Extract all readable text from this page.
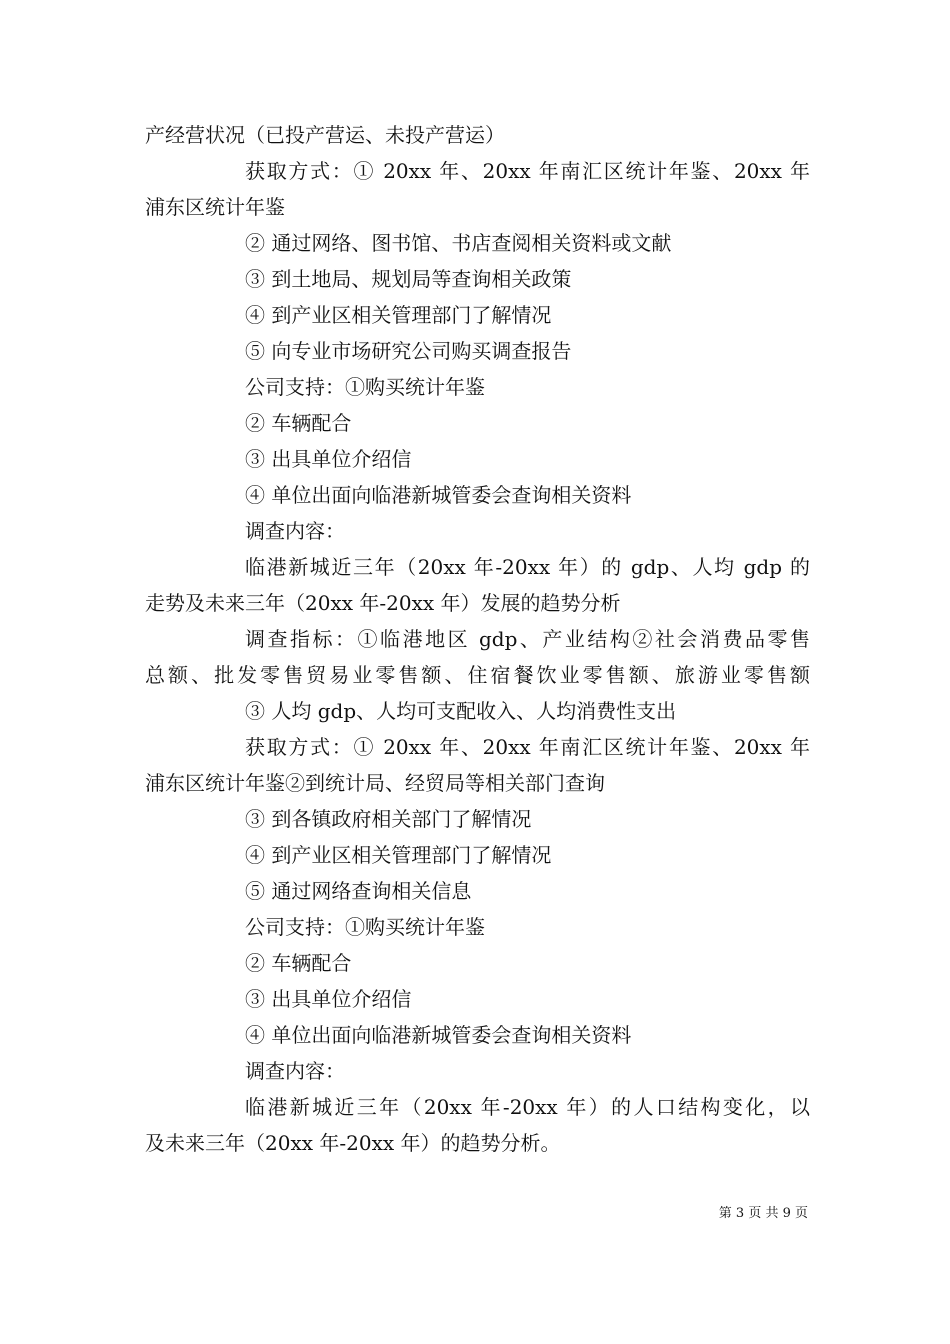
产经营状况（已投产营运、未投产营运）
获取方式：① 20xx 年、20xx 年南汇区统计年鉴、20xx 年
浦东区统计年鉴
② 通过网络、图书馆、书店查阅相关资料或文献
③ 到土地局、规划局等查询相关政策
④ 到产业区相关管理部门了解情况
⑤ 向专业市场研究公司购买调查报告
公司支持：①购买统计年鉴
② 车辆配合
③ 出具单位介绍信
④ 单位出面向临港新城管委会查询相关资料
调查内容：
临港新城近三年（20xx 年-20xx 年）的 gdp、人均 gdp 的
走势及未来三年（20xx 年-20xx 年）发展的趋势分析
调查指标：①临港地区 gdp、产业结构②社会消费品零售
总额、批发零售贸易业零售额、住宿餐饮业零售额、旅游业零售额
③ 人均 gdp、人均可支配收入、人均消费性支出
获取方式：① 20xx 年、20xx 年南汇区统计年鉴、20xx 年
浦东区统计年鉴②到统计局、经贸局等相关部门查询
③ 到各镇政府相关部门了解情况
④ 到产业区相关管理部门了解情况
⑤ 通过网络查询相关信息
公司支持：①购买统计年鉴
② 车辆配合
③ 出具单位介绍信
④ 单位出面向临港新城管委会查询相关资料
调查内容：
临港新城近三年（20xx 年-20xx 年）的人口结构变化，以
及未来三年（20xx 年-20xx 年）的趋势分析。
第 3 页 共 9 页
